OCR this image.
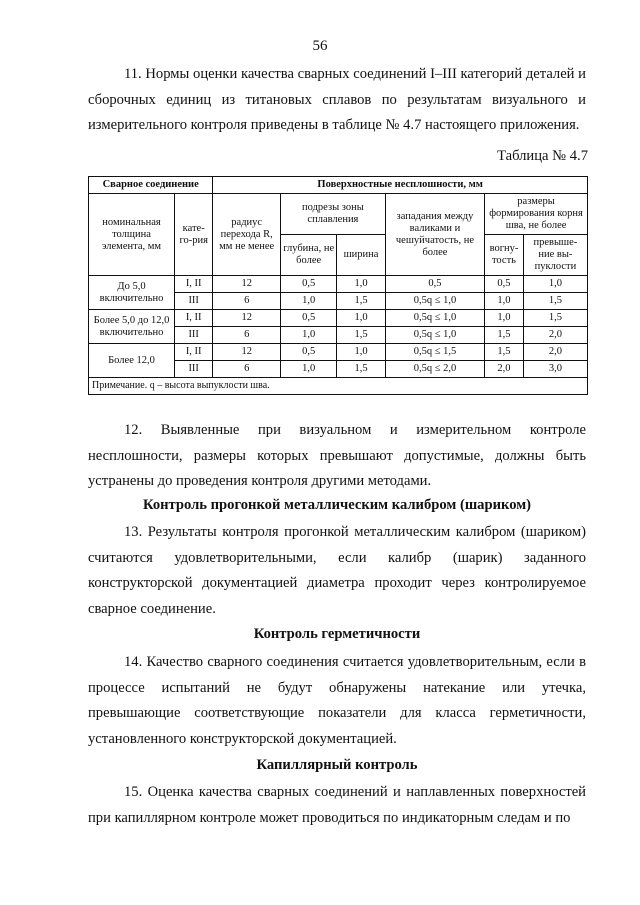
56
11. Нормы оценки качества сварных соединений I–III категорий деталей и сборочных единиц из титановых сплавов по результатам визуального и измерительного контроля приведены в таблице № 4.7 настоящего приложения.
Таблица № 4.7
Сварное соединение		Поверхностные несплошности, мм					
номинальная толщина элемента, мм	кате-го-рия	радиус перехода R, мм не менее	подрезы зоны сплавления		западания между валиками и чешуйчатость, не более	размеры формирования корня шва, не более	
			глубина, не более	ширина		вогну-тость	превыше-ние вы-пуклости
До 5,0 включительно	I, II	12	0,5	1,0	0,5	0,5	1,0
	III	6	1,0	1,5	0,5q ≤ 1,0	1,0	1,5
Более 5,0 до 12,0 включительно	I, II	12	0,5	1,0	0,5q ≤ 1,0	1,0	1,5
	III	6	1,0	1,5	0,5q ≤ 1,0	1,5	2,0
Более 12,0	I, II	12	0,5	1,0	0,5q ≤ 1,5	1,5	2,0
	III	6	1,0	1,5	0,5q ≤ 2,0	2,0	3,0
Примечание. q – высота выпуклости шва.							
12. Выявленные при визуальном и измерительном контроле несплошности, размеры которых превышают допустимые, должны быть устранены до проведения контроля другими методами.
Контроль прогонкой металлическим калибром (шариком)
13. Результаты контроля прогонкой металлическим калибром (шариком) считаются удовлетворительными, если калибр (шарик) заданного конструкторской документацией диаметра проходит через контролируемое сварное соединение.
Контроль герметичности
14. Качество сварного соединения считается удовлетворительным, если в процессе испытаний не будут обнаружены натекание или утечка, превышающие соответствующие показатели для класса герметичности, установленного конструкторской документацией.
Капиллярный контроль
15. Оценка качества сварных соединений и наплавленных поверхностей при капиллярном контроле может проводиться по индикаторным следам и по
